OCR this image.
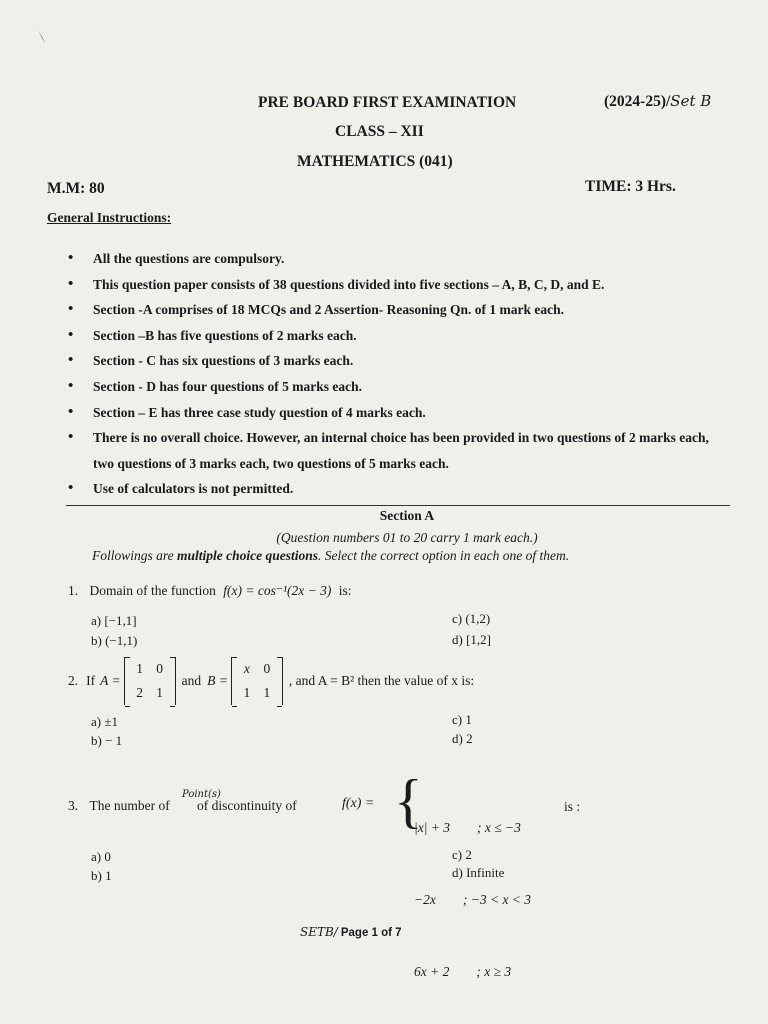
PRE BOARD FIRST EXAMINATION	(2024-25)/Set B
CLASS – XII
MATHEMATICS (041)
M.M: 80	TIME: 3 Hrs.
General Instructions:
• All the questions are compulsory.
• This question paper consists of 38 questions divided into five sections – A, B, C, D, and E.
• Section -A comprises of 18 MCQs and 2 Assertion- Reasoning Qn. of 1 mark each.
• Section –B has five questions of 2 marks each.
• Section - C has six questions of 3 marks each.
• Section - D has four questions of 5 marks each.
• Section – E has three case study question of 4 marks each.
• There is no overall choice. However, an internal choice has been provided in two questions of 2 marks each, two questions of 3 marks each, two questions of 5 marks each.
• Use of calculators is not permitted.
Section A
(Question numbers 01 to 20 carry 1 mark each.)
Followings are multiple choice questions. Select the correct option in each one of them.
1. Domain of the function f(x) = cos⁻¹(2x − 3) is:
a) [−1,1]
b) (−1,1)
c) (1,2)
d) [1,2]
2. If A =
1 0
2 1
and B =
x 0
1 1
, and A = B² then the value of x is:
a) ±1
b) − 1
c) 1
d) 2
3. The number of
Point(s)
of discontinuity of	f(x) = {

|x| + 3        ; x ≤ −3

−2x        ; −3 < x < 3

6x + 2        ; x ≥ 3

is :
a) 0
b) 1
c) 2
d) Infinite
SETB/ Page 1 of 7
